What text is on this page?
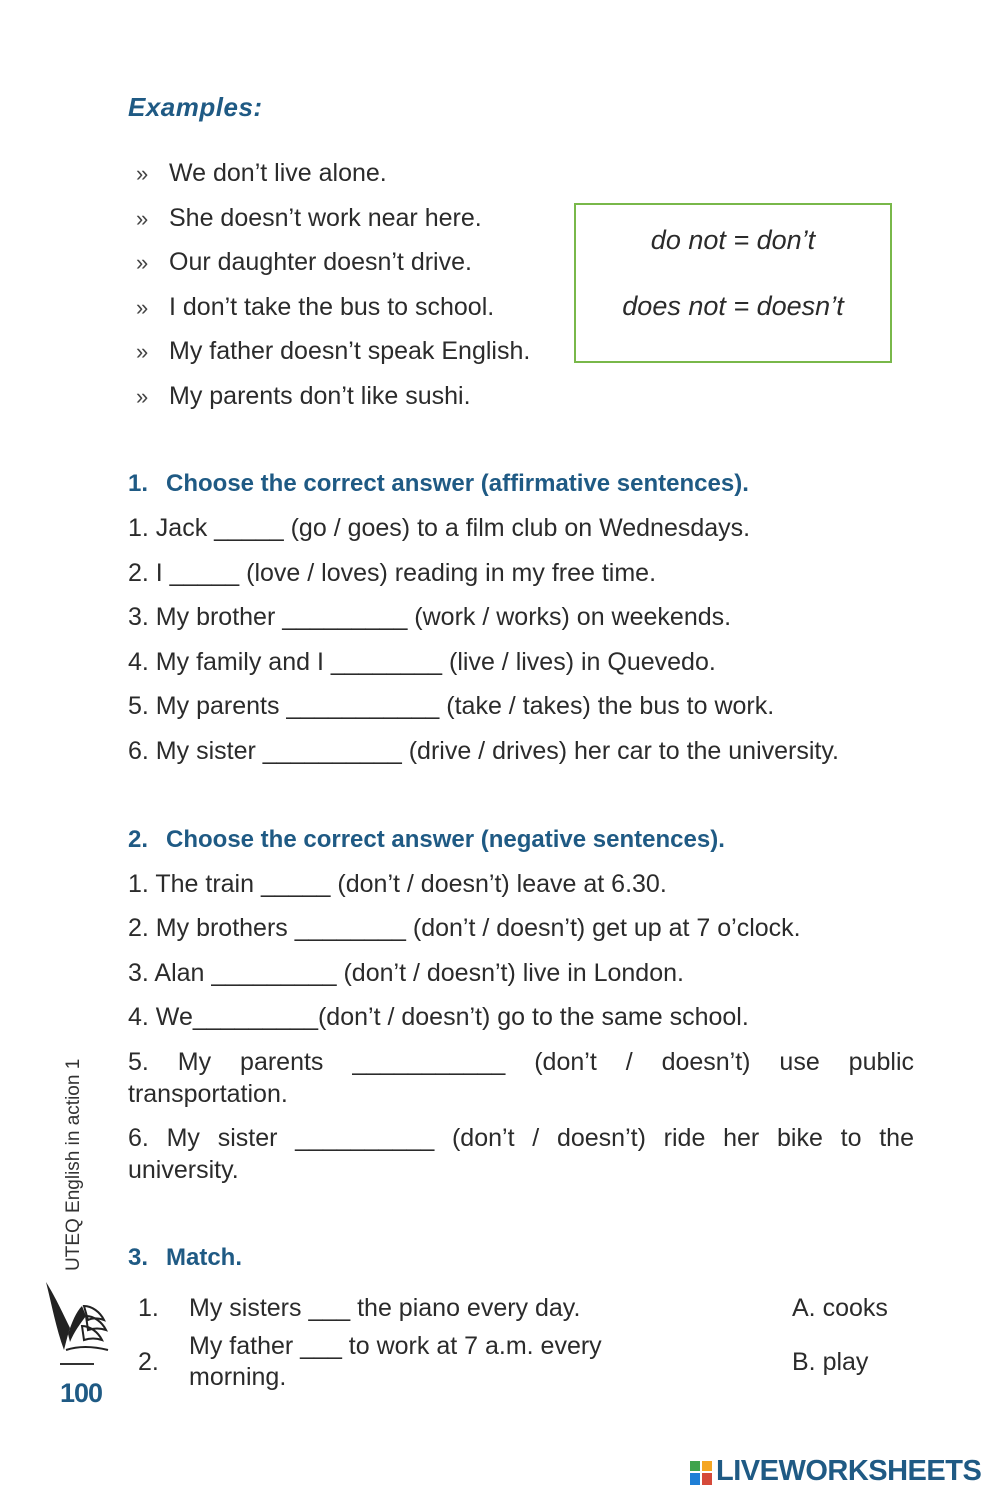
Examples:
» We don’t live alone.
» She doesn’t work near here.
» Our daughter doesn’t drive.
» I don’t take the bus to school.
» My father doesn’t speak English.
» My parents don’t like sushi.
do not = don’t
does not = doesn’t
1. Choose the correct answer (affirmative sentences).
1. Jack _____ (go / goes) to a film club on Wednesdays.
2. I _____ (love / loves) reading in my free time.
3. My brother _________ (work / works) on weekends.
4. My family and I ________ (live / lives) in Quevedo.
5. My parents ___________ (take / takes) the bus to work.
6. My sister __________ (drive / drives) her car to the university.
2. Choose the correct answer (negative sentences).
1. The train _____ (don’t / doesn’t) leave at 6.30.
2. My brothers ________ (don’t / doesn’t) get up at 7 o’clock.
3. Alan _________ (don’t / doesn’t) live in London.
4. We_________(don’t / doesn’t) go to the same school.
5. My parents ___________ (don’t / doesn’t) use public
transportation.
6. My sister __________ (don’t / doesn’t) ride her bike to the
university.
3. Match.
1. My sisters ___ the piano every day.	A. cooks
2.
My father ___ to work at 7 a.m. every morning.
B. play
UTEQ English in action 1
100
LIVEWORKSHEETS
